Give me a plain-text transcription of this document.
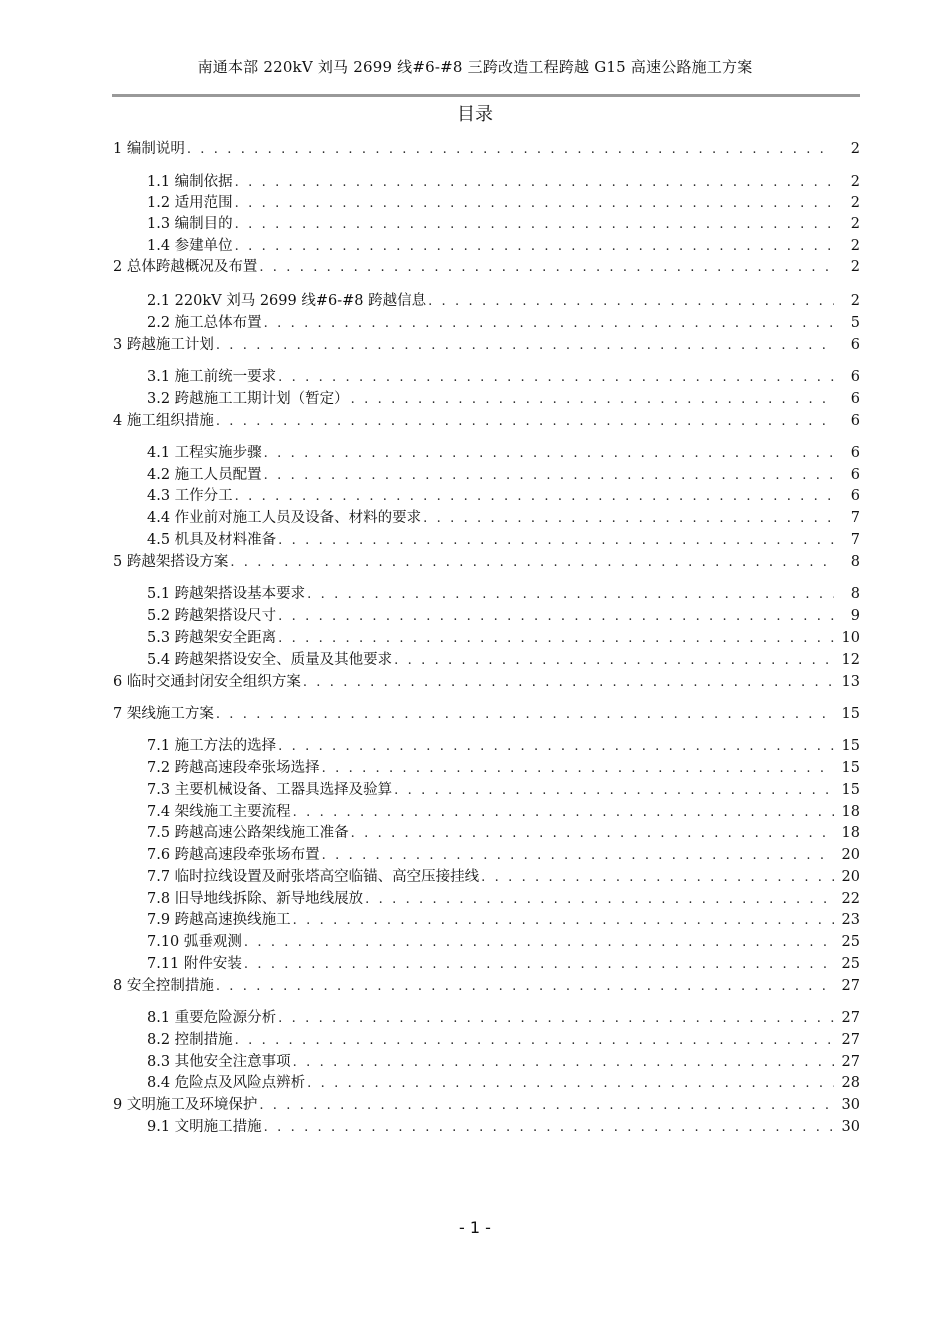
南通本部 220kV 刘马 2699 线#6-#8 三跨改造工程跨越 G15 高速公路施工方案
目录
1 编制说明 . . .	2
1.1 编制依据 . . .	2
1.2 适用范围 . . .	2
1.3 编制目的 . . .	2
1.4 参建单位 . . .	2
2 总体跨越概况及布置 . . .	2
2.1 220kV 刘马 2699 线#6-#8 跨越信息 . . .	2
2.2 施工总体布置 . . .	5
3 跨越施工计划 . . .	6
3.1 施工前统一要求 . . .	6
3.2 跨越施工工期计划（暂定） . . .	6
4 施工组织措施 . . .	6
4.1 工程实施步骤 . . .	6
4.2 施工人员配置 . . .	6
4.3 工作分工 . . .	6
4.4 作业前对施工人员及设备、材料的要求 . . .	7
4.5 机具及材料准备 . . .	7
5 跨越架搭设方案 . . .	8
5.1 跨越架搭设基本要求 . . .	8
5.2 跨越架搭设尺寸 . . .	9
5.3 跨越架安全距离 . . .	10
5.4 跨越架搭设安全、质量及其他要求 . . .	12
6 临时交通封闭安全组织方案 . . .	13
7 架线施工方案 . . .	15
7.1 施工方法的选择 . . .	15
7.2 跨越高速段牵张场选择 . . .	15
7.3 主要机械设备、工器具选择及验算 . . .	15
7.4 架线施工主要流程 . . .	18
7.5 跨越高速公路架线施工准备 . . .	18
7.6 跨越高速段牵张场布置 . . .	20
7.7 临时拉线设置及耐张塔高空临锚、高空压接挂线 . . .	20
7.8 旧导地线拆除、新导地线展放 . . .	22
7.9 跨越高速换线施工 . . .	23
7.10 弧垂观测 . . .	25
7.11 附件安装 . . .	25
8 安全控制措施 . . .	27
8.1 重要危险源分析 . . .	27
8.2 控制措施 . . .	27
8.3 其他安全注意事项 . . .	27
8.4 危险点及风险点辨析 . . .	28
9 文明施工及环境保护 . . .	30
9.1 文明施工措施 . . .	30
- 1 -
